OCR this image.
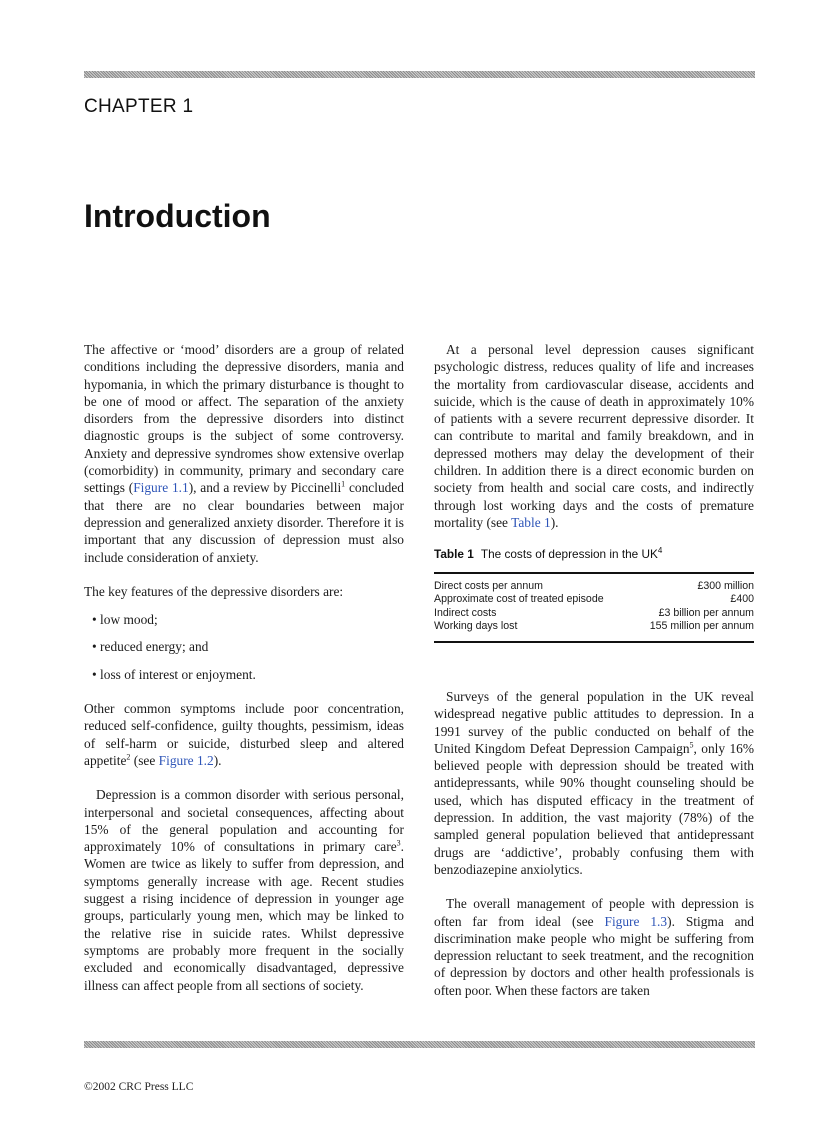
CHAPTER 1
Introduction

The affective or ‘mood’ disorders are a group of related conditions including the depressive disorders, mania and hypomania, in which the primary disturbance is thought to be one of mood or affect. The separation of the anxiety disorders from the depressive disorders into distinct diagnostic groups is the subject of some controversy. Anxiety and depressive syndromes show extensive overlap (comorbidity) in community, primary and secondary care settings (Figure 1.1), and a review by Piccinelli$^1$ concluded that there are no clear boundaries between major depression and generalized anxiety disorder. Therefore it is important that any discussion of depression must also include consideration of anxiety.

The key features of the depressive disorders are:

• low mood;
• reduced energy; and
• loss of interest or enjoyment.

Other common symptoms include poor concentration, reduced self-confidence, guilty thoughts, pessimism, ideas of self-harm or suicide, disturbed sleep and altered appetite$^2$ (see Figure 1.2).

Depression is a common disorder with serious personal, interpersonal and societal consequences, affecting about 15% of the general population and accounting for approximately 10% of consultations in primary care$^3$. Women are twice as likely to suffer from depression, and symptoms generally increase with age. Recent studies suggest a rising incidence of depression in younger age groups, particularly young men, which may be linked to the relative rise in suicide rates. Whilst depressive symptoms are probably more frequent in the socially excluded and economically disadvantaged, depressive illness can affect people from all sections of society.

At a personal level depression causes significant psychologic distress, reduces quality of life and increases the mortality from cardiovascular disease, accidents and suicide, which is the cause of death in approximately 10% of patients with a severe recurrent depressive disorder. It can contribute to marital and family breakdown, and in depressed mothers may delay the development of their children. In addition there is a direct economic burden on society from health and social care costs, and indirectly through lost working days and the costs of premature mortality (see Table 1).

Table 1 The costs of depression in the $UK^4$
Direct costs per annum	£300 million
Approximate cost of treated episode	£400
Indirect costs	£3 billion per annum
Working days lost	155 million per annum

Surveys of the general population in the UK reveal widespread negative public attitudes to depression. In a 1991 survey of the public conducted on behalf of the United Kingdom Defeat Depression Campaign$^5$, only 16% believed people with depression should be treated with antidepressants, while 90% thought counseling should be used, which has disputed efficacy in the treatment of depression. In addition, the vast majority (78%) of the sampled general population believed that antidepressant drugs are ‘addictive’, probably confusing them with benzodiazepine anxiolytics.

The overall management of people with depression is often far from ideal (see Figure 1.3). Stigma and discrimination make people who might be suffering from depression reluctant to seek treatment, and the recognition of depression by doctors and other health professionals is often poor. When these factors are taken

©2002 CRC Press LLC
